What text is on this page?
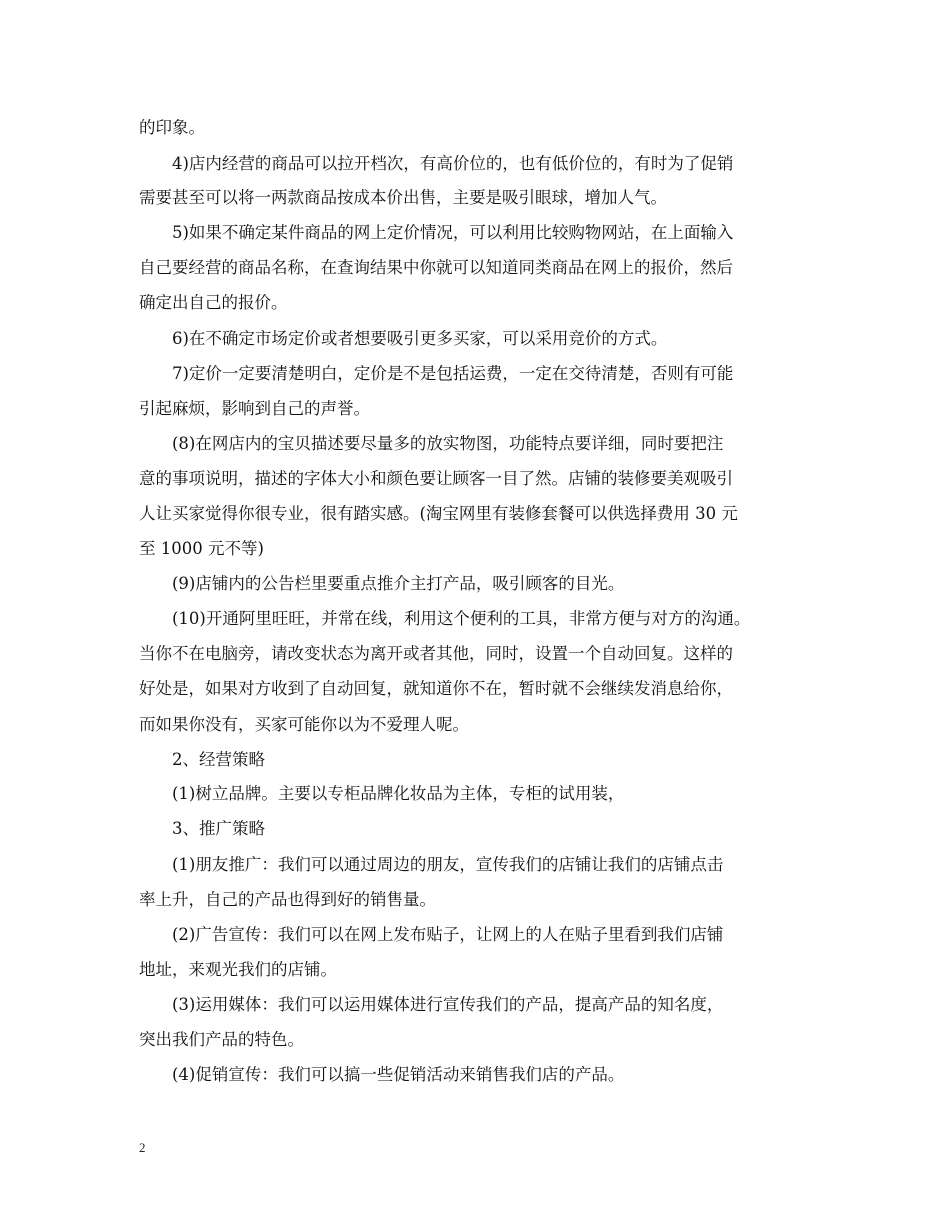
的印象。
4)店内经营的商品可以拉开档次，有高价位的，也有低价位的，有时为了促销
需要甚至可以将一两款商品按成本价出售，主要是吸引眼球，增加人气。
5)如果不确定某件商品的网上定价情况，可以利用比较购物网站，在上面输入
自己要经营的商品名称，在查询结果中你就可以知道同类商品在网上的报价，然后
确定出自己的报价。
6)在不确定市场定价或者想要吸引更多买家，可以采用竞价的方式。
7)定价一定要清楚明白，定价是不是包括运费，一定在交待清楚，否则有可能
引起麻烦，影响到自己的声誉。
(8)在网店内的宝贝描述要尽量多的放实物图，功能特点要详细，同时要把注
意的事项说明，描述的字体大小和颜色要让顾客一目了然。店铺的装修要美观吸引
人让买家觉得你很专业，很有踏实感。(淘宝网里有装修套餐可以供选择费用 30 元
至 1000 元不等)
(9)店铺内的公告栏里要重点推介主打产品，吸引顾客的目光。
(10)开通阿里旺旺，并常在线，利用这个便利的工具，非常方便与对方的沟通。
当你不在电脑旁，请改变状态为离开或者其他，同时，设置一个自动回复。这样的
好处是，如果对方收到了自动回复，就知道你不在，暂时就不会继续发消息给你，
而如果你没有，买家可能你以为不爱理人呢。
2、经营策略
(1)树立品牌。主要以专柜品牌化妆品为主体，专柜的试用装，
3、推广策略
(1)朋友推广：我们可以通过周边的朋友，宣传我们的店铺让我们的店铺点击
率上升，自己的产品也得到好的销售量。
(2)广告宣传：我们可以在网上发布贴子，让网上的人在贴子里看到我们店铺
地址，来观光我们的店铺。
(3)运用媒体：我们可以运用媒体进行宣传我们的产品，提高产品的知名度，
突出我们产品的特色。
(4)促销宣传：我们可以搞一些促销活动来销售我们店的产品。
2
